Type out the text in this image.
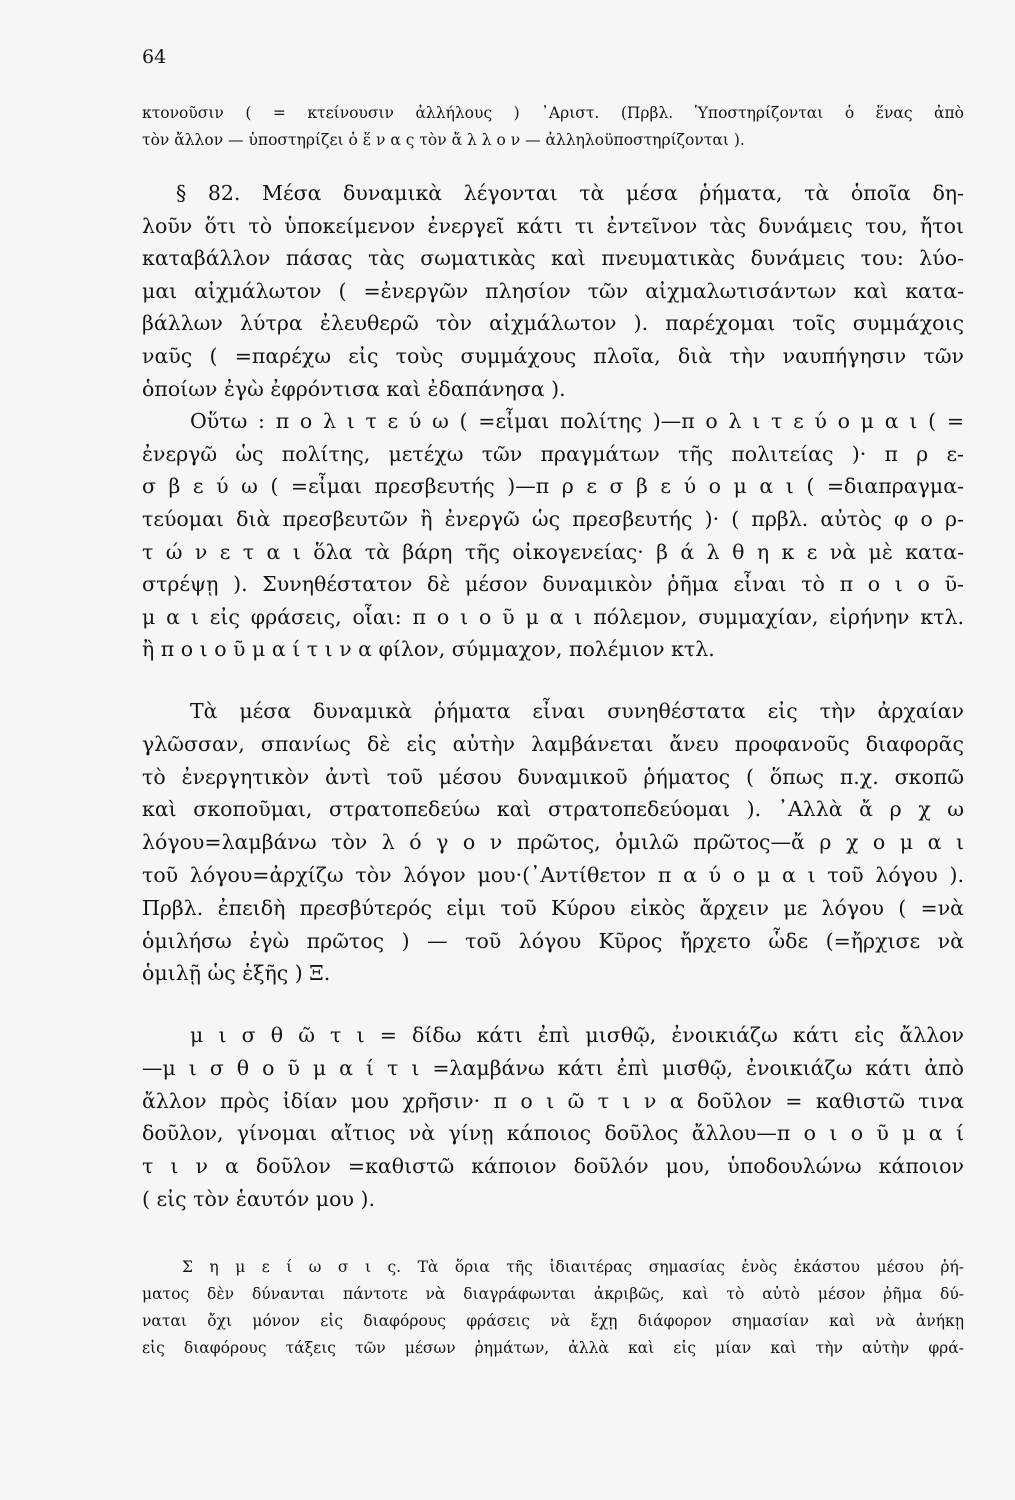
64
κτονοῦσιν ( = κτείνουσιν ἀλλήλους ) ᾿Αριστ. (Πρβλ. Ὑποστηρίζονται ὁ ἕνας ἀπὸ
τὸν ἄλλον — ὑποστηρίζει ὁ ἕ ν α ς τὸν ἄ λ λ ο ν — ἀλληλοϋποστηρίζονται ).
§ 82. Μέσα δυναμικὰ λέγονται τὰ μέσα ῥήματα, τὰ ὁποῖα δη-
λοῦν ὅτι τὸ ὑποκείμενον ἐνεργεῖ κάτι τι ἐντεῖνον τὰς δυνάμεις του, ἤτοι
καταβάλλον πάσας τὰς σωματικὰς καὶ πνευματικὰς δυνάμεις του: λύο-
μαι αἰχμάλωτον ( =ἐνεργῶν πλησίον τῶν αἰχμαλωτισάντων καὶ κατα-
βάλλων λύτρα ἐλευθερῶ τὸν αἰχμάλωτον ). παρέχομαι τοῖς συμμάχοις
ναῦς ( =παρέχω εἰς τοὺς συμμάχους πλοῖα, διὰ τὴν ναυπήγησιν τῶν
ὁποίων ἐγὼ ἐφρόντισα καὶ ἐδαπάνησα ).
Οὕτω : π ο λ ι τ ε ύ ω ( =εἶμαι πολίτης )—π ο λ ι τ ε ύ ο μ α ι ( =
ἐνεργῶ ὡς πολίτης, μετέχω τῶν πραγμάτων τῆς πολιτείας )· π ρ ε-
σ β ε ύ ω ( =εἶμαι πρεσβευτής )—π ρ ε σ β ε ύ ο μ α ι ( =διαπραγμα-
τεύομαι διὰ πρεσβευτῶν ἢ ἐνεργῶ ὡς πρεσβευτής )· ( πρβλ. αὐτὸς φ ο ρ-
τ ώ ν ε τ α ι ὅλα τὰ βάρη τῆς οἰκογενείας· β ά λ θ η κ ε νὰ μὲ κατα-
στρέψῃ ). Συνηθέστατον δὲ μέσον δυναμικὸν ῥῆμα εἶναι τὸ π ο ι ο ῦ-
μ α ι εἰς φράσεις, οἷαι: π ο ι ο ῦ μ α ι πόλεμον, συμμαχίαν, εἰρήνην κτλ.
ἢ π ο ι ο ῦ μ α ί τ ι ν α φίλον, σύμμαχον, πολέμιον κτλ.
Τὰ μέσα δυναμικὰ ῥήματα εἶναι συνηθέστατα εἰς τὴν ἀρχαίαν
γλῶσσαν, σπανίως δὲ εἰς αὐτὴν λαμβάνεται ἄνευ προφανοῦς διαφορᾶς
τὸ ἐνεργητικὸν ἀντὶ τοῦ μέσου δυναμικοῦ ῥήματος ( ὅπως π.χ. σκοπῶ
καὶ σκοποῦμαι, στρατοπεδεύω καὶ στρατοπεδεύομαι ). ᾿Αλλὰ ἄ ρ χ ω
λόγου=λαμβάνω τὸν λ ό γ ο ν πρῶτος, ὁμιλῶ πρῶτος—ἄ ρ χ ο μ α ι
τοῦ λόγου=ἀρχίζω τὸν λόγον μου·(᾿Αντίθετον π α ύ ο μ α ι τοῦ λόγου ).
Πρβλ. ἐπειδὴ πρεσβύτερός εἰμι τοῦ Κύρου εἰκὸς ἄρχειν με λόγου ( =νὰ
ὁμιλήσω ἐγὼ πρῶτος ) — τοῦ λόγου Κῦρος ἤρχετο ὧδε (=ἤρχισε νὰ
ὁμιλῇ ὡς ἑξῆς ) Ξ.
μ ι σ θ ῶ τ ι = δίδω κάτι ἐπὶ μισθῷ, ἐνοικιάζω κάτι εἰς ἄλλον
—μ ι σ θ ο ῦ μ α ί τ ι =λαμβάνω κάτι ἐπὶ μισθῷ, ἐνοικιάζω κάτι ἀπὸ
ἄλλον πρὸς ἰδίαν μου χρῆσιν· π ο ι ῶ τ ι ν α δοῦλον = καθιστῶ τινα
δοῦλον, γίνομαι αἴτιος νὰ γίνῃ κάποιος δοῦλος ἄλλου—π ο ι ο ῦ μ α ί
τ ι ν α δοῦλον =καθιστῶ κάποιον δοῦλόν μου, ὑποδουλώνω κάποιον
( εἰς τὸν ἑαυτόν μου ).
Σ η μ ε ί ω σ ι ς. Τὰ ὅρια τῆς ἰδιαιτέρας σημασίας ἑνὸς ἑκάστου μέσου ῥή-
ματος δὲν δύνανται πάντοτε νὰ διαγράφωνται ἀκριβῶς, καὶ τὸ αὐτὸ μέσον ῥῆμα δύ-
ναται ὄχι μόνον εἰς διαφόρους φράσεις νὰ ἔχῃ διάφορον σημασίαν καὶ νὰ ἀνήκῃ
εἰς διαφόρους τάξεις τῶν μέσων ῥημάτων, ἀλλὰ καὶ εἰς μίαν καὶ τὴν αὐτὴν φρά-
